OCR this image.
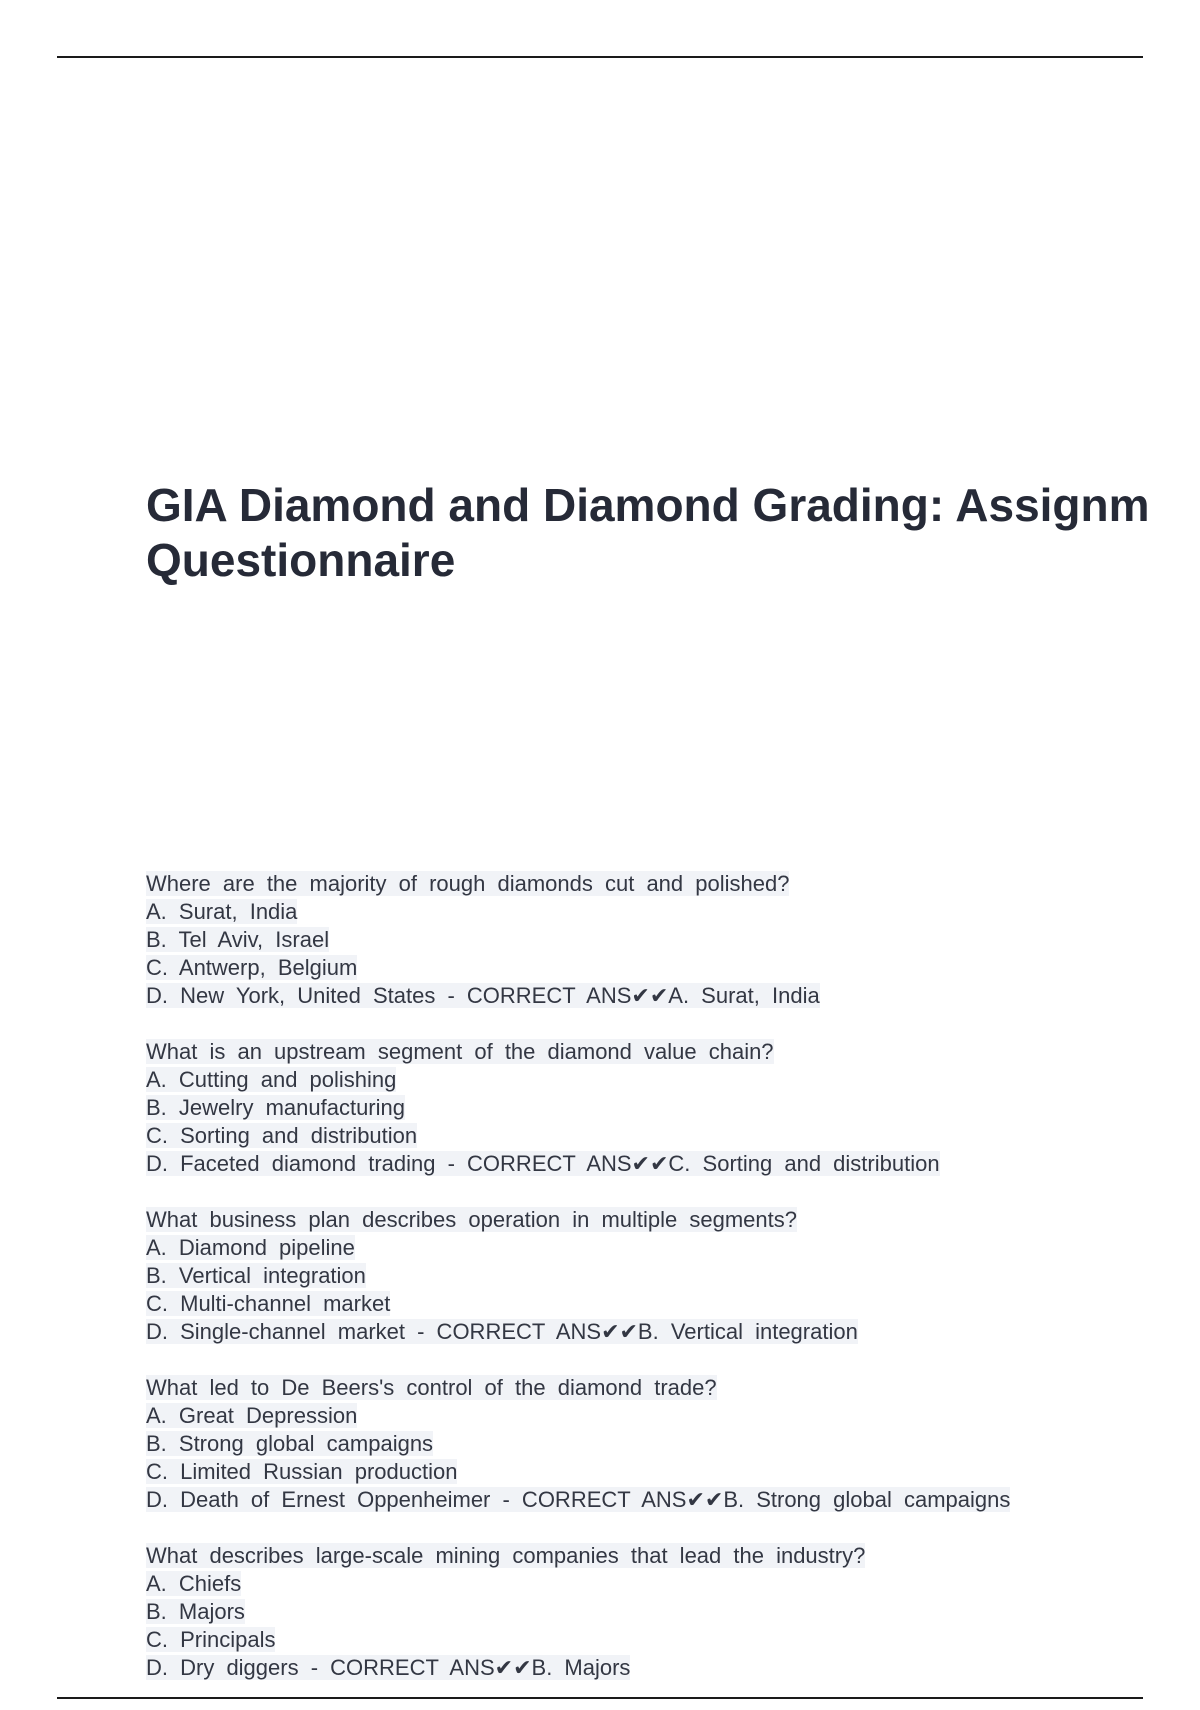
GIA Diamond and Diamond Grading: Assignm
Questionnaire
Where are the majority of rough diamonds cut and polished?
A. Surat, India
B. Tel Aviv, Israel
C. Antwerp, Belgium
D. New York, United States - CORRECT ANS✔✔A. Surat, India
What is an upstream segment of the diamond value chain?
A. Cutting and polishing
B. Jewelry manufacturing
C. Sorting and distribution
D. Faceted diamond trading - CORRECT ANS✔✔C. Sorting and distribution
What business plan describes operation in multiple segments?
A. Diamond pipeline
B. Vertical integration
C. Multi-channel market
D. Single-channel market - CORRECT ANS✔✔B. Vertical integration
What led to De Beers's control of the diamond trade?
A. Great Depression
B. Strong global campaigns
C. Limited Russian production
D. Death of Ernest Oppenheimer - CORRECT ANS✔✔B. Strong global campaigns
What describes large-scale mining companies that lead the industry?
A. Chiefs
B. Majors
C. Principals
D. Dry diggers - CORRECT ANS✔✔B. Majors
